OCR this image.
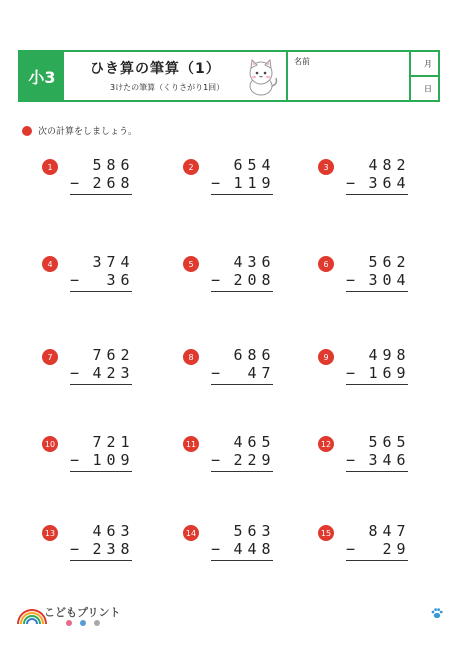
小3	ひき算の筆算（1）
3けたの筆算（くりさがり1回）
名前	月
日
次の計算をしましょう。
1	5 8 6
− 2 6 8
2	6 5 4
− 1 1 9
3	4 8 2
− 3 6 4
4	3 7 4
− 3 6
5	4 3 6
− 2 0 8
6	5 6 2
− 3 0 4
7	7 6 2
− 4 2 3
8	6 8 6
− 4 7
9	4 9 8
− 1 6 9
10 7 2 1
− 1 0 9
11 4 6 5
− 2 2 9
12 5 6 5
− 3 4 6
13 4 6 3
− 2 3 8
14 5 6 3
− 4 4 8
15 8 4 7
− 2 9
こどもプリント
